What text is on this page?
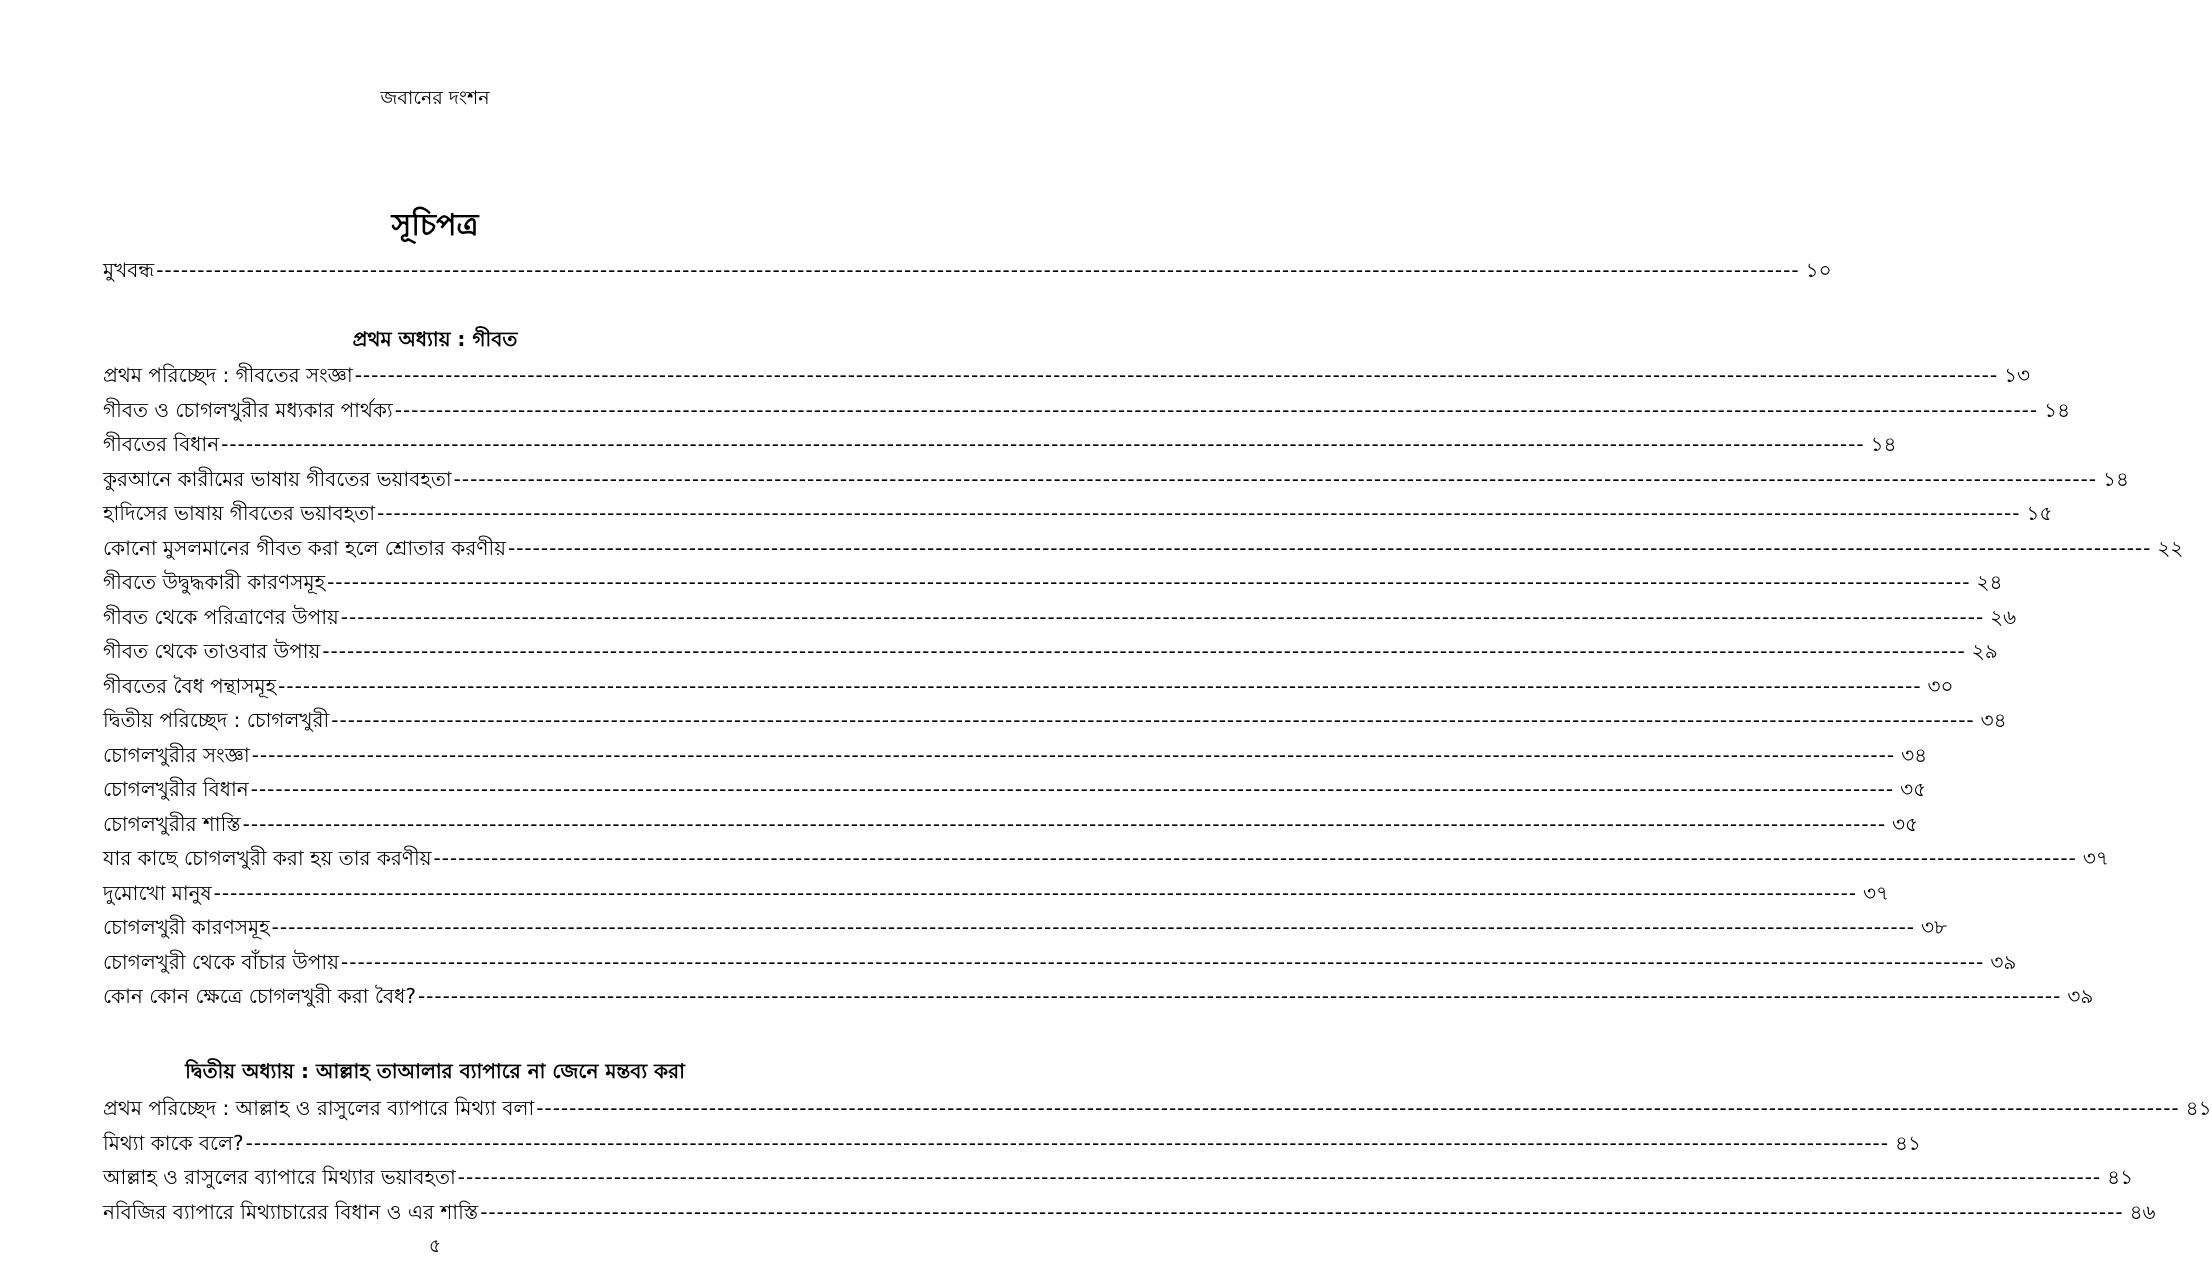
জবানের দংশন
সূচিপত্র
মুখবন্ধ -------------------------------------------------------------------------------------------------------------------------------------------------------------------------------------------------------- ১০
প্রথম অধ্যায় : গীবত
প্রথম পরিচ্ছেদ : গীবতের সংজ্ঞা -------------------------------------------------------------------------------------------------------------------------------------------------------------------------------------------------------- ১৩
গীবত ও চোগলখুরীর মধ্যকার পার্থক্য -------------------------------------------------------------------------------------------------------------------------------------------------------------------------------------------------------- ১৪
গীবতের বিধান -------------------------------------------------------------------------------------------------------------------------------------------------------------------------------------------------------- ১৪
কুরআনে কারীমের ভাষায় গীবতের ভয়াবহতা -------------------------------------------------------------------------------------------------------------------------------------------------------------------------------------------------------- ১৪
হাদিসের ভাষায় গীবতের ভয়াবহতা -------------------------------------------------------------------------------------------------------------------------------------------------------------------------------------------------------- ১৫
কোনো মুসলমানের গীবত করা হলে শ্রোতার করণীয় -------------------------------------------------------------------------------------------------------------------------------------------------------------------------------------------------------- ২২
গীবতে উদ্বুদ্ধকারী কারণসমূহ -------------------------------------------------------------------------------------------------------------------------------------------------------------------------------------------------------- ২৪
গীবত থেকে পরিত্রাণের উপায় -------------------------------------------------------------------------------------------------------------------------------------------------------------------------------------------------------- ২৬
গীবত থেকে তাওবার উপায় -------------------------------------------------------------------------------------------------------------------------------------------------------------------------------------------------------- ২৯
গীবতের বৈধ পন্থাসমূহ -------------------------------------------------------------------------------------------------------------------------------------------------------------------------------------------------------- ৩০
দ্বিতীয় পরিচ্ছেদ : চোগলখুরী -------------------------------------------------------------------------------------------------------------------------------------------------------------------------------------------------------- ৩৪
চোগলখুরীর সংজ্ঞা -------------------------------------------------------------------------------------------------------------------------------------------------------------------------------------------------------- ৩৪
চোগলখুরীর বিধান -------------------------------------------------------------------------------------------------------------------------------------------------------------------------------------------------------- ৩৫
চোগলখুরীর শাস্তি -------------------------------------------------------------------------------------------------------------------------------------------------------------------------------------------------------- ৩৫
যার কাছে চোগলখুরী করা হয় তার করণীয় -------------------------------------------------------------------------------------------------------------------------------------------------------------------------------------------------------- ৩৭
দুমোখো মানুষ -------------------------------------------------------------------------------------------------------------------------------------------------------------------------------------------------------- ৩৭
চোগলখুরী কারণসমূহ -------------------------------------------------------------------------------------------------------------------------------------------------------------------------------------------------------- ৩৮
চোগলখুরী থেকে বাঁচার উপায় -------------------------------------------------------------------------------------------------------------------------------------------------------------------------------------------------------- ৩৯
কোন কোন ক্ষেত্রে চোগলখুরী করা বৈধ? -------------------------------------------------------------------------------------------------------------------------------------------------------------------------------------------------------- ৩৯
দ্বিতীয় অধ্যায় : আল্লাহ তাআলার ব্যাপারে না জেনে মন্তব্য করা
প্রথম পরিচ্ছেদ : আল্লাহ ও রাসুলের ব্যাপারে মিথ্যা বলা -------------------------------------------------------------------------------------------------------------------------------------------------------------------------------------------------------- ৪১
মিথ্যা কাকে বলে? -------------------------------------------------------------------------------------------------------------------------------------------------------------------------------------------------------- ৪১
আল্লাহ ও রাসুলের ব্যাপারে মিথ্যার ভয়াবহতা -------------------------------------------------------------------------------------------------------------------------------------------------------------------------------------------------------- ৪১
নবিজির ব্যাপারে মিথ্যাচারের বিধান ও এর শাস্তি -------------------------------------------------------------------------------------------------------------------------------------------------------------------------------------------------------- ৪৬
৫
